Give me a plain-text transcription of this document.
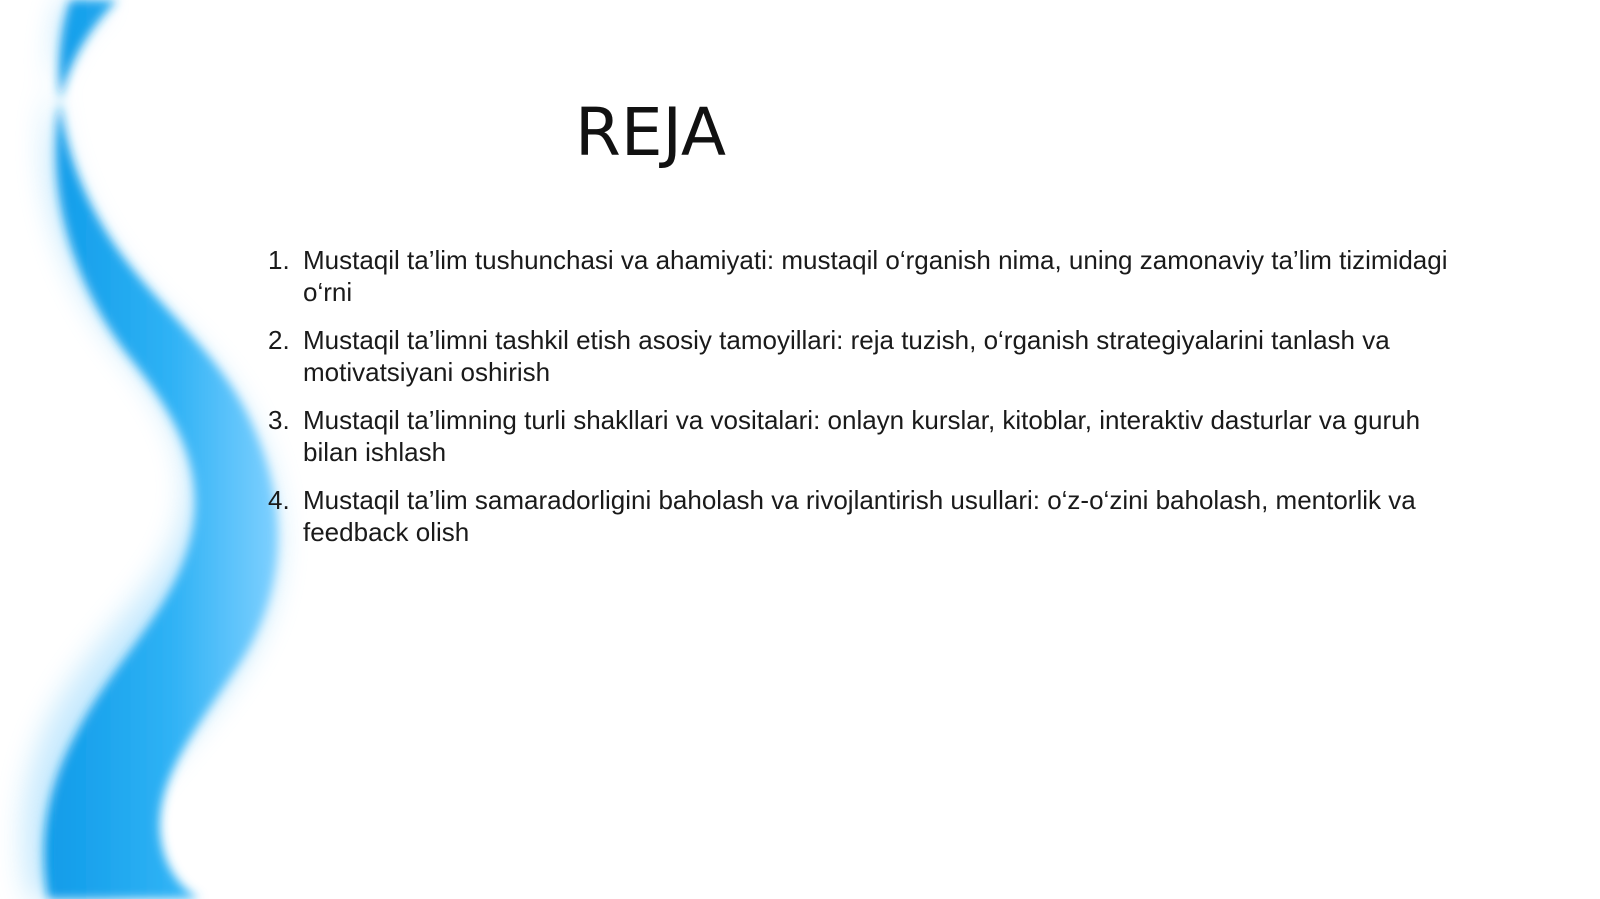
REJA
1. Mustaqil ta’lim tushunchasi va ahamiyati: mustaqil o‘rganish nima, uning zamonaviy ta’lim tizimidagi o‘rni
2. Mustaqil ta’limni tashkil etish asosiy tamoyillari: reja tuzish, o‘rganish strategiyalarini tanlash va motivatsiyani oshirish
3. Mustaqil ta’limning turli shakllari va vositalari: onlayn kurslar, kitoblar, interaktiv dasturlar va guruh bilan ishlash
4. Mustaqil ta’lim samaradorligini baholash va rivojlantirish usullari: o‘z-o‘zini baholash, mentorlik va feedback olish
